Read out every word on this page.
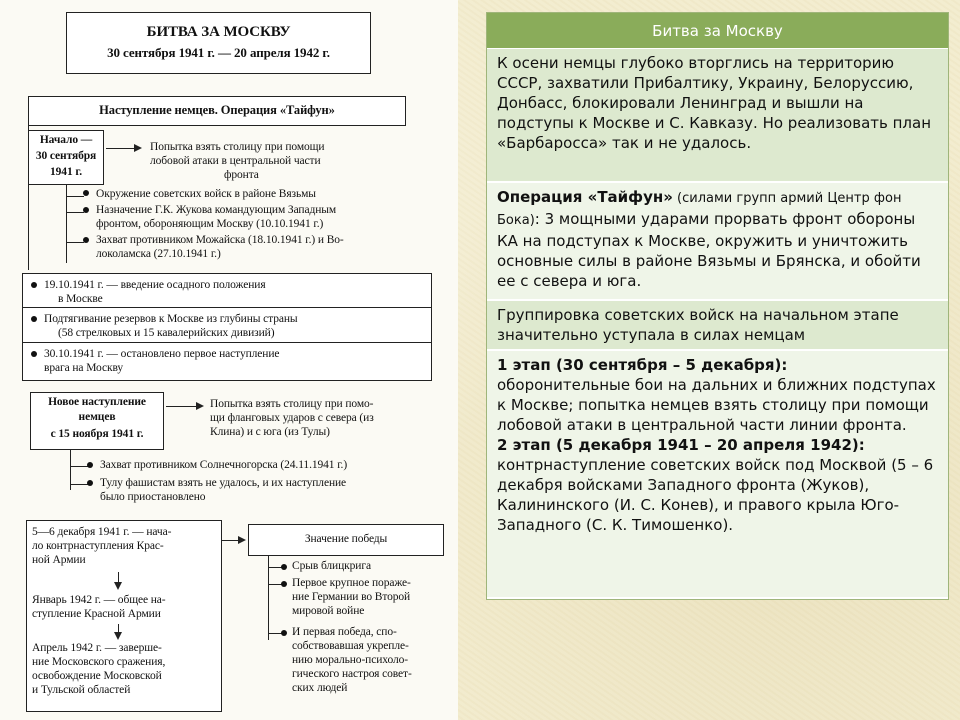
БИТВА ЗА МОСКВУ
30 сентября 1941 г. — 20 апреля 1942 г.
Наступление немцев. Операция «Тайфун»
Начало —
30 сентября
1941 г.
Попытка взять столицу при помощи
лобовой атаки в центральной части
фронта
Окружение советских войск в районе Вязьмы
Назначение Г.К. Жукова командующим Западным
фронтом, обороняющим Москву (10.10.1941 г.)
Захват противником Можайска (18.10.1941 г.) и Во-
локоламска (27.10.1941 г.)
19.10.1941 г. — введение осадного положения
в Москве
Подтягивание резервов к Москве из глубины страны
(58 стрелковых и 15 кавалерийских дивизий)
30.10.1941 г. — остановлено первое наступление
врага на Москву
Новое наступление
немцев
с 15 ноября 1941 г.
Попытка взять столицу при помо-
щи фланговых ударов с севера (из
Клина) и с юга (из Тулы)
Захват противником Солнечногорска (24.11.1941 г.)
Тулу фашистам взять не удалось, и их наступление
было приостановлено
5—6 декабря 1941 г. — нача-
ло контрнаступления Крас-
ной Армии
Январь 1942 г. — общее на-
ступление Красной Армии
Апрель 1942 г. — заверше-
ние Московского сражения,
освобождение Московской
и Тульской областей
Значение победы
Срыв блицкрига
Первое крупное пораже-
ние Германии во Второй
мировой войне
И первая победа, спо-
собствовавшая укрепле-
нию морально-психоло-
гического настроя совет-
ских людей
Битва за Москву
К осени немцы глубоко вторглись на территорию СССР, захватили Прибалтику, Украину, Белоруссию, Донбасс, блокировали Ленинград и вышли на подступы к Москве и С. Кавказу. Но реализовать план «Барбаросса» так и не удалось.
Операция «Тайфун» (силами групп армий Центр фон Бока): 3 мощными ударами прорвать фронт обороны КА на подступах к Москве, окружить и уничтожить основные силы в районе Вязьмы и Брянска, и обойти ее с севера и юга.
Группировка советских войск на начальном этапе значительно уступала в силах немцам
1 этап (30 сентября – 5 декабря):
оборонительные бои на дальних и ближних подступах к Москве; попытка немцев взять столицу при помощи лобовой атаки в центральной части линии фронта.
2 этап (5 декабря 1941 – 20 апреля 1942):
контрнаступление советских войск под Москвой (5 – 6 декабря войсками Западного фронта (Жуков), Калининского (И. С. Конев), и правого крыла Юго-Западного (С. К. Тимошенко).
